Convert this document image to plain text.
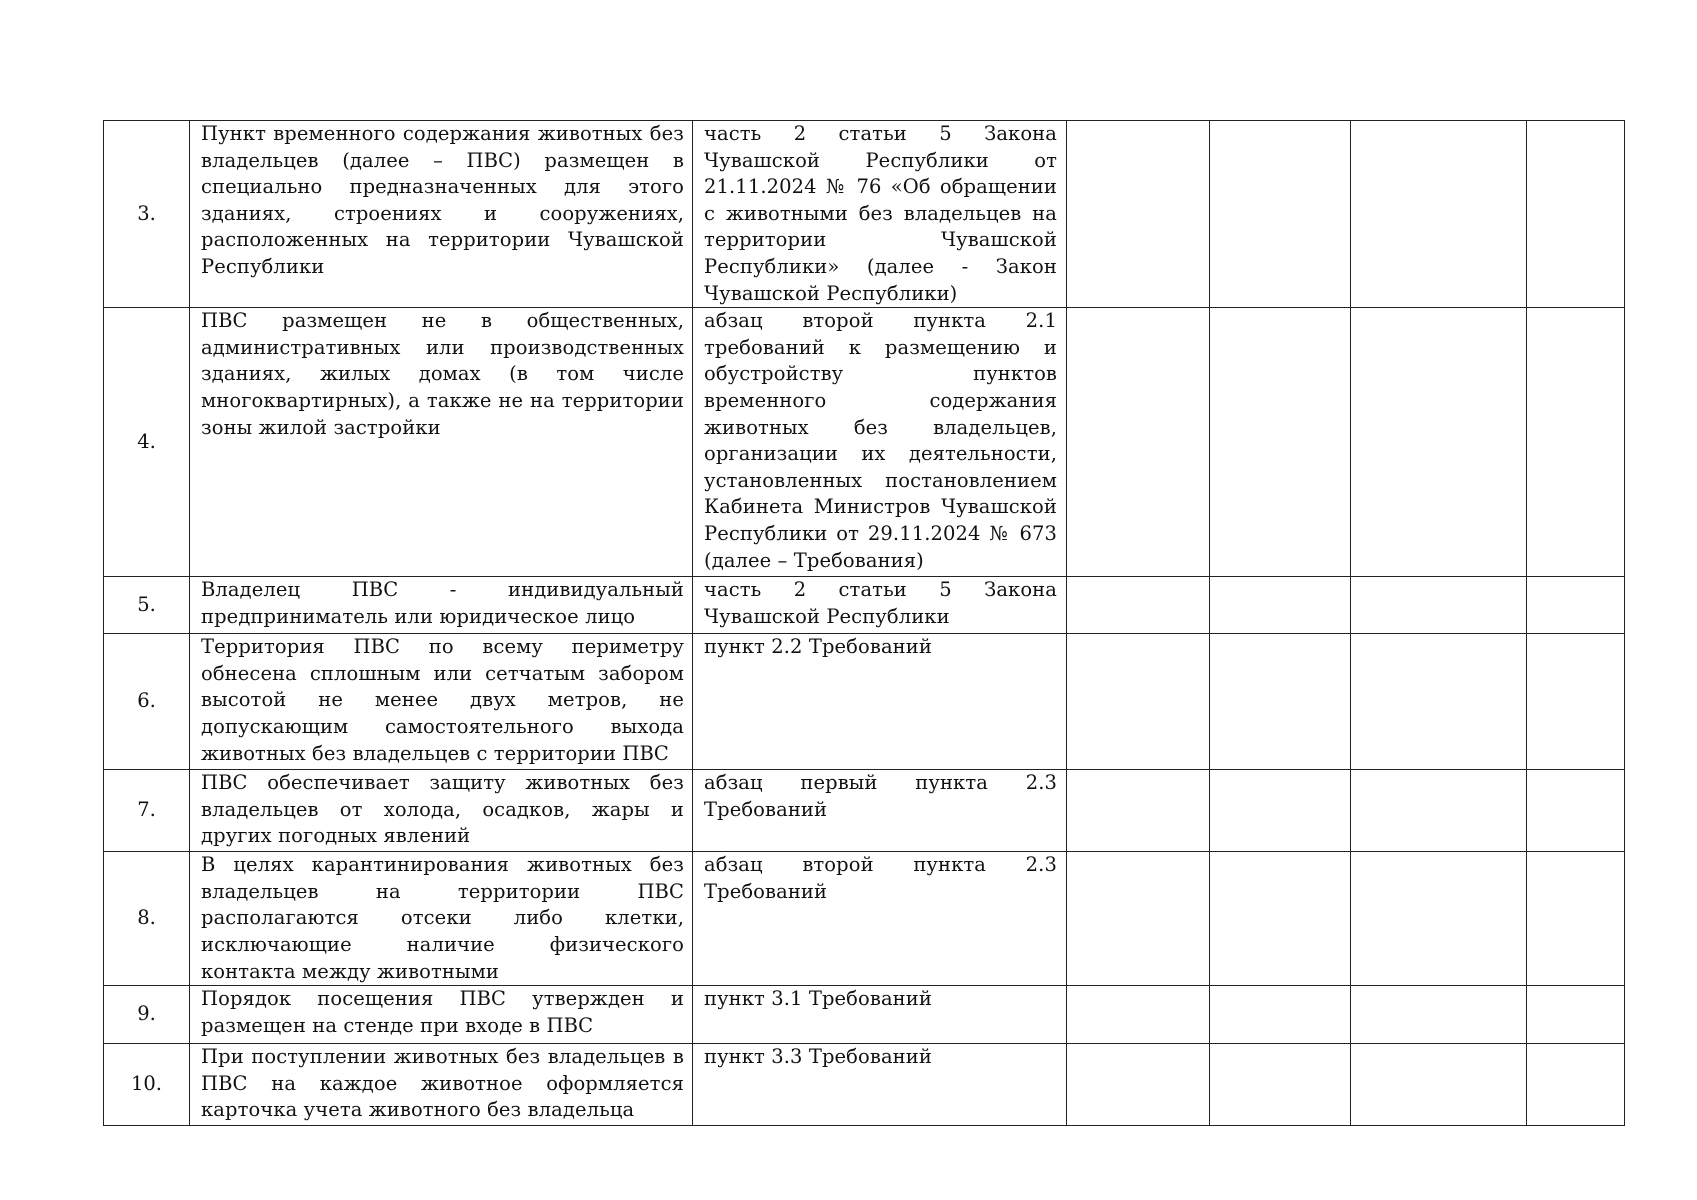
3.	Пункт временного содержания животных без владельцев (далее – ПВС) размещен в специально предназначенных для этого зданиях, строениях и сооружениях, расположенных на территории Чувашской Республики	часть 2 статьи 5 Закона Чувашской Республики от 21.11.2024 № 76 «Об обращении с животными без владельцев на территории Чувашской Республики» (далее - Закон Чувашской Республики)				
4.	ПВС размещен не в общественных, административных или производственных зданиях, жилых домах (в том числе многоквартирных), а также не на территории зоны жилой застройки	абзац второй пункта 2.1 требований к размещению и обустройству пунктов временного содержания животных без владельцев, организации их деятельности, установленных постановлением Кабинета Министров Чувашской Республики от 29.11.2024 № 673 (далее – Требования)				
5.	Владелец ПВС - индивидуальный предприниматель или юридическое лицо	часть 2 статьи 5 Закона Чувашской Республики				
6.	Территория ПВС по всему периметру обнесена сплошным или сетчатым забором высотой не менее двух метров, не допускающим самостоятельного выхода животных без владельцев с территории ПВС	пункт 2.2 Требований				
7.	ПВС обеспечивает защиту животных без владельцев от холода, осадков, жары и других погодных явлений	абзац первый пункта 2.3 Требований				
8.	В целях карантинирования животных без владельцев на территории ПВС располагаются отсеки либо клетки, исключающие наличие физического контакта между животными	абзац второй пункта 2.3 Требований				
9.	Порядок посещения ПВС утвержден и размещен на стенде при входе в ПВС	пункт 3.1 Требований				
10.	При поступлении животных без владельцев в ПВС на каждое животное оформляется карточка учета животного без владельца	пункт 3.3 Требований				
